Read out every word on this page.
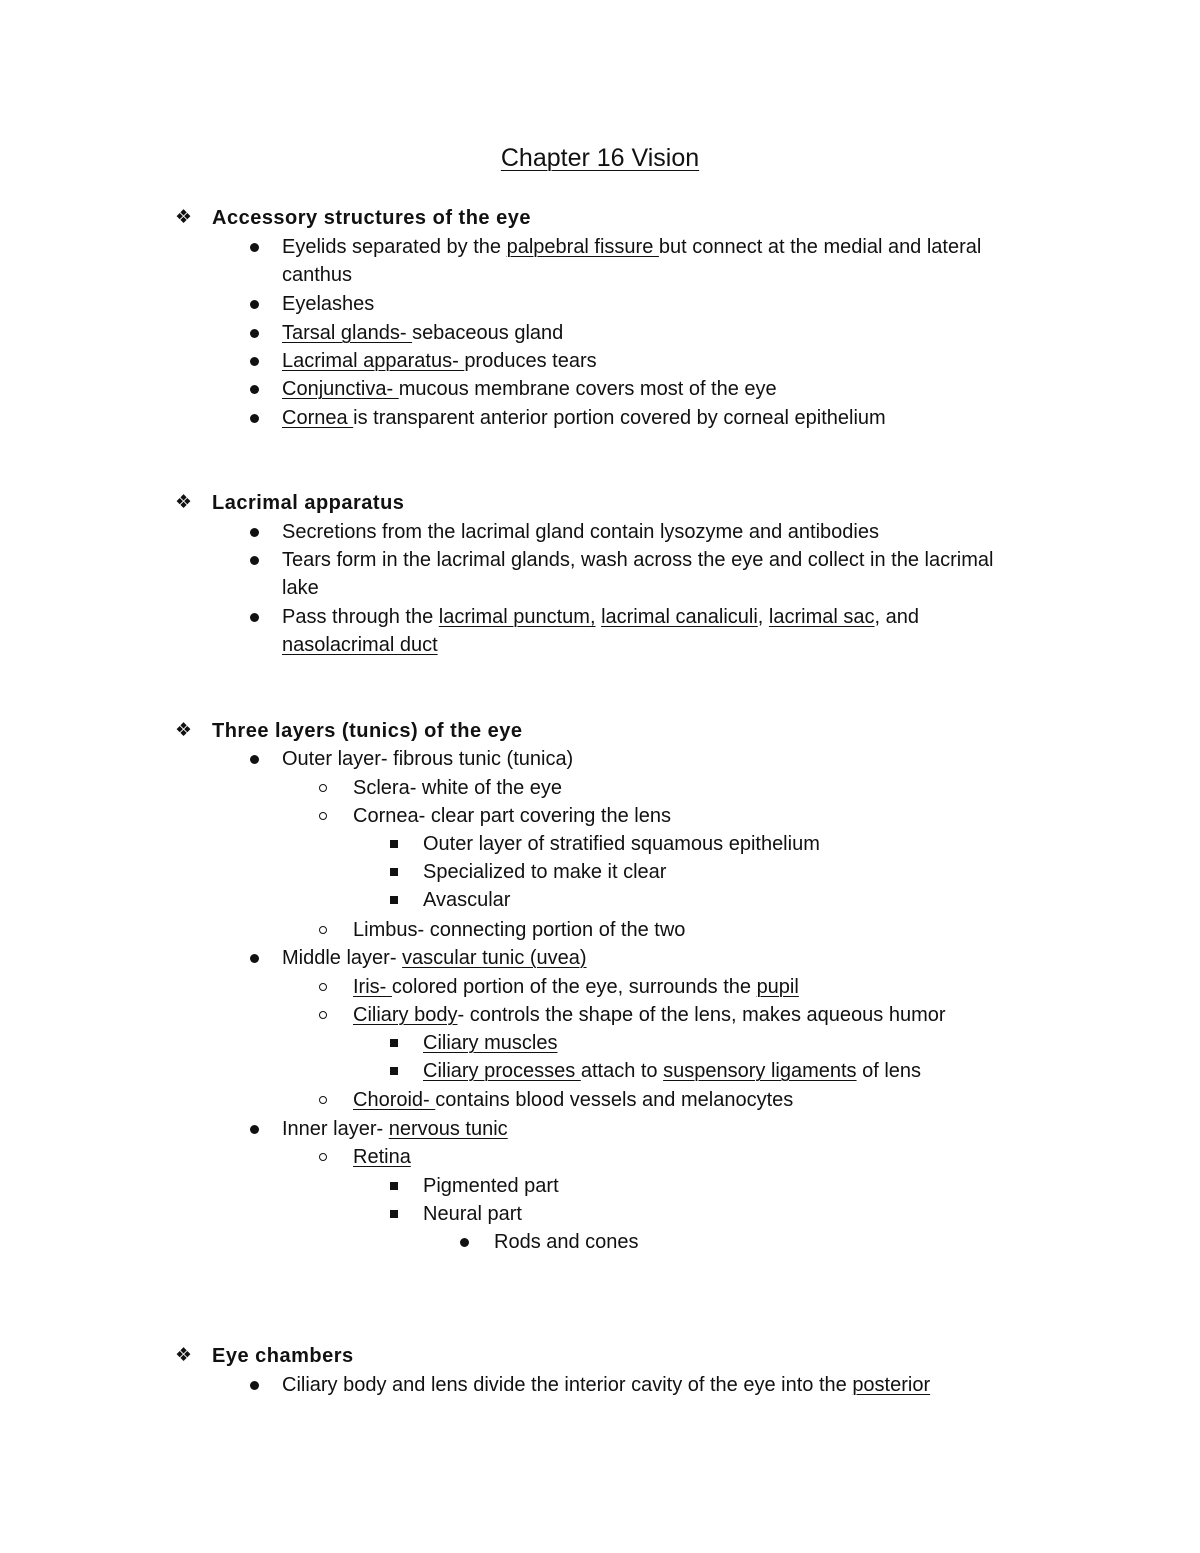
Chapter 16 Vision
❖ Accessory structures of the eye
Eyelids separated by the palpebral fissure but connect at the medial and lateral
canthus
Eyelashes
Tarsal glands- sebaceous gland
Lacrimal apparatus- produces tears
Conjunctiva- mucous membrane covers most of the eye
Cornea is transparent anterior portion covered by corneal epithelium
❖ Lacrimal apparatus
Secretions from the lacrimal gland contain lysozyme and antibodies
Tears form in the lacrimal glands, wash across the eye and collect in the lacrimal
lake
Pass through the lacrimal punctum, lacrimal canaliculi, lacrimal sac, and
nasolacrimal duct
❖ Three layers (tunics) of the eye
Outer layer- fibrous tunic (tunica)
Sclera- white of the eye
Cornea- clear part covering the lens
Outer layer of stratified squamous epithelium
Specialized to make it clear
Avascular
Limbus- connecting portion of the two
Middle layer- vascular tunic (uvea)
Iris- colored portion of the eye, surrounds the pupil
Ciliary body- controls the shape of the lens, makes aqueous humor
Ciliary muscles
Ciliary processes attach to suspensory ligaments of lens
Choroid- contains blood vessels and melanocytes
Inner layer- nervous tunic
Retina
Pigmented part
Neural part
Rods and cones
❖ Eye chambers
Ciliary body and lens divide the interior cavity of the eye into the posterior
